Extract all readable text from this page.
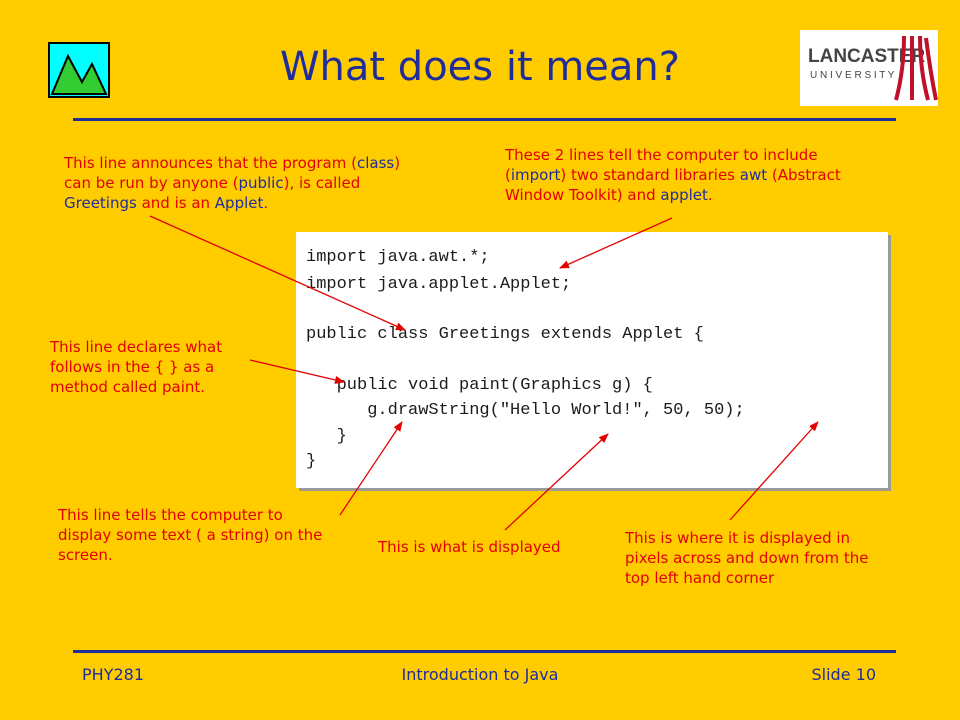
What does it mean?	LANCASTER
U N I V E R S I T Y
This line announces that the program (class) can be run by anyone (public), is called Greetings and is an Applet.
These 2 lines tell the computer to include (import) two standard libraries awt (Abstract Window Toolkit) and applet.
This line declares what follows in the { } as a method called paint.
This line tells the computer to display some text ( a string) on the screen.	This is what is displayed	This is where it is displayed in pixels across and down from the top left hand corner
import java.awt.*;
import java.applet.Applet;
public class Greetings extends Applet {
public void paint(Graphics g) {
g.drawString("Hello World!", 50, 50);
}
}
PHY281	Introduction to Java	Slide 10
